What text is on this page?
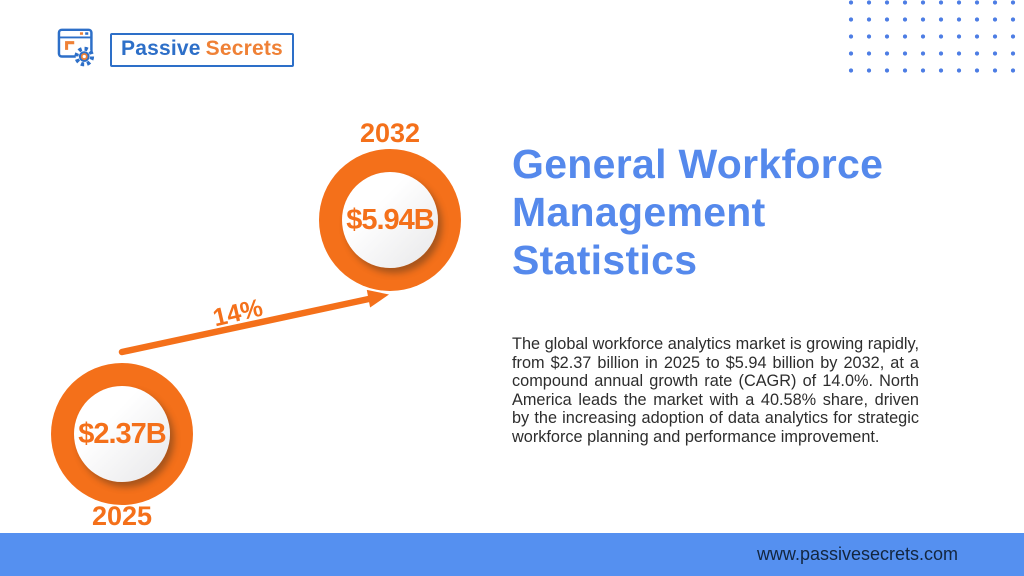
Passive Secrets
2032
$5.94B
14%
$2.37B
2025
General Workforce Management Statistics

The global workforce analytics market is growing rapidly, from $2.37 billion in 2025 to $5.94 billion by 2032, at a compound annual growth rate (CAGR) of 14.0%. North America leads the market with a 40.58% share, driven by the increasing adoption of data analytics for strategic workforce planning and performance improvement.

www.passivesecrets.com
